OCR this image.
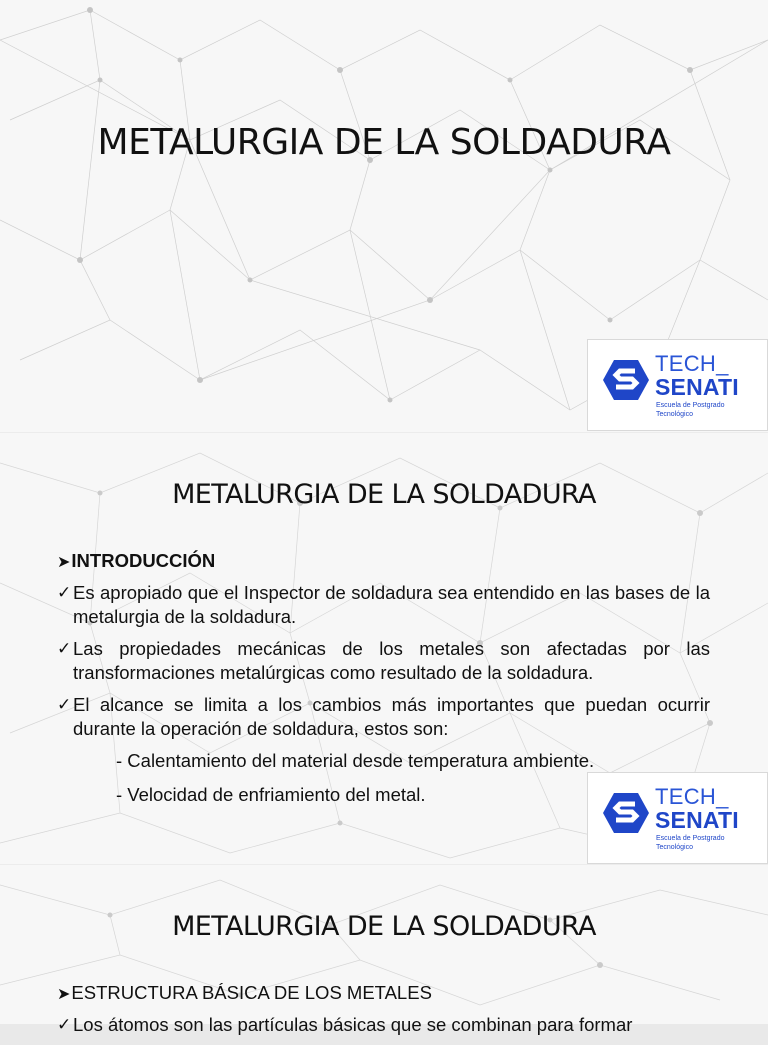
METALURGIA DE LA SOLDADURA
TECH_
SENATI
Escuela de Postgrado
Tecnológico
METALURGIA DE LA SOLDADURA
➤ INTRODUCCIÓN
✓ Es apropiado que el Inspector de soldadura sea entendido en las bases de la metalurgia de la soldadura.
✓ Las propiedades mecánicas de los metales son afectadas por las transformaciones metalúrgicas como resultado de la soldadura.
✓ El alcance se limita a los cambios más importantes que puedan ocurrir durante la operación de soldadura, estos son:
- Calentamiento del material desde temperatura ambiente.
- Velocidad de enfriamiento del metal.	TECH_
SENATI
Escuela de Postgrado
Tecnológico
METALURGIA DE LA SOLDADURA
➤ ESTRUCTURA BÁSICA DE LOS METALES
✓ Los átomos son las partículas básicas que se combinan para formar
